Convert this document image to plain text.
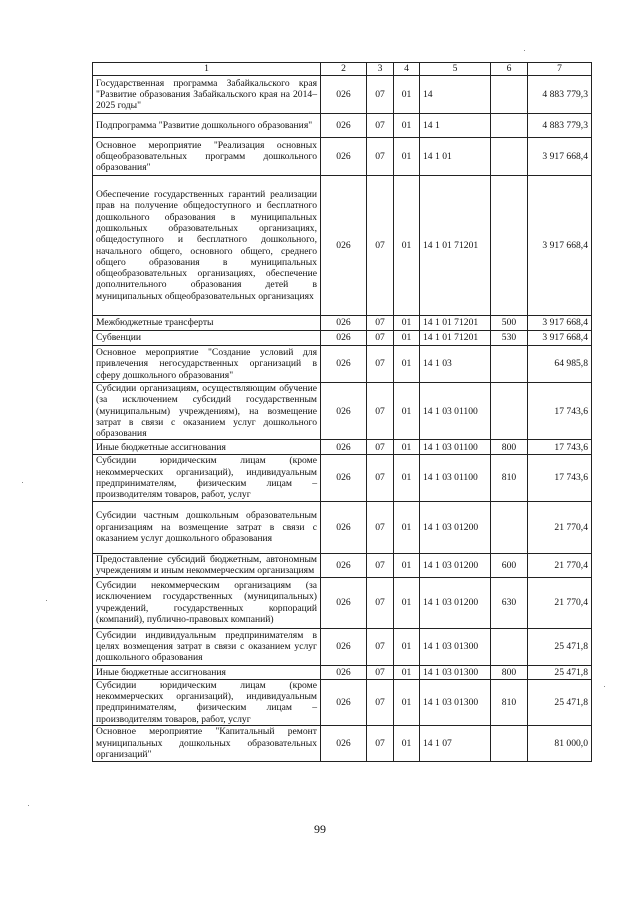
1	2	3	4	5	6	7
Государственная программа Забайкальского края "Развитие образования Забайкальского края на 2014–2025 годы"	026	07	01	14		4 883 779,3
Подпрограмма "Развитие дошкольного образования"	026	07	01	14 1		4 883 779,3
Основное мероприятие "Реализация основных общеобразовательных программ дошкольного образования"	026	07	01	14 1 01		3 917 668,4
Обеспечение государственных гарантий реализации прав на получение общедоступного и бесплатного дошкольного образования в муниципальных дошкольных образовательных организациях, общедоступного и бесплатного дошкольного, начального общего, основного общего, среднего общего образования в муниципальных общеобразовательных организациях, обеспечение дополнительного образования детей в муниципальных общеобразовательных организациях	026	07	01	14 1 01 71201		3 917 668,4
Межбюджетные трансферты	026	07	01	14 1 01 71201	500	3 917 668,4
Субвенции	026	07	01	14 1 01 71201	530	3 917 668,4
Основное мероприятие "Создание условий для привлечения негосударственных организаций в сферу дошкольного образования"	026	07	01	14 1 03		64 985,8
Субсидии организациям, осуществляющим обучение (за исключением субсидий государственным (муниципальным) учреждениям), на возмещение затрат в связи с оказанием услуг дошкольного образования	026	07	01	14 1 03 01100		17 743,6
Иные бюджетные ассигнования	026	07	01	14 1 03 01100	800	17 743,6
Субсидии юридическим лицам (кроме некоммерческих организаций), индивидуальным предпринимателям, физическим лицам – производителям товаров, работ, услуг	026	07	01	14 1 03 01100	810	17 743,6
Субсидии частным дошкольным образовательным организациям на возмещение затрат в связи с оказанием услуг дошкольного образования	026	07	01	14 1 03 01200		21 770,4
Предоставление субсидий бюджетным, автономным учреждениям и иным некоммерческим организациям	026	07	01	14 1 03 01200	600	21 770,4
Субсидии некоммерческим организациям (за исключением государственных (муниципальных) учреждений, государственных корпораций (компаний), публично-правовых компаний)	026	07	01	14 1 03 01200	630	21 770,4
Субсидии индивидуальным предпринимателям в целях возмещения затрат в связи с оказанием услуг дошкольного образования	026	07	01	14 1 03 01300		25 471,8
Иные бюджетные ассигнования	026	07	01	14 1 03 01300	800	25 471,8
Субсидии юридическим лицам (кроме некоммерческих организаций), индивидуальным предпринимателям, физическим лицам – производителям товаров, работ, услуг	026	07	01	14 1 03 01300	810	25 471,8
Основное мероприятие "Капитальный ремонт муниципальных дошкольных образовательных организаций"	026	07	01	14 1 07		81 000,0
99
